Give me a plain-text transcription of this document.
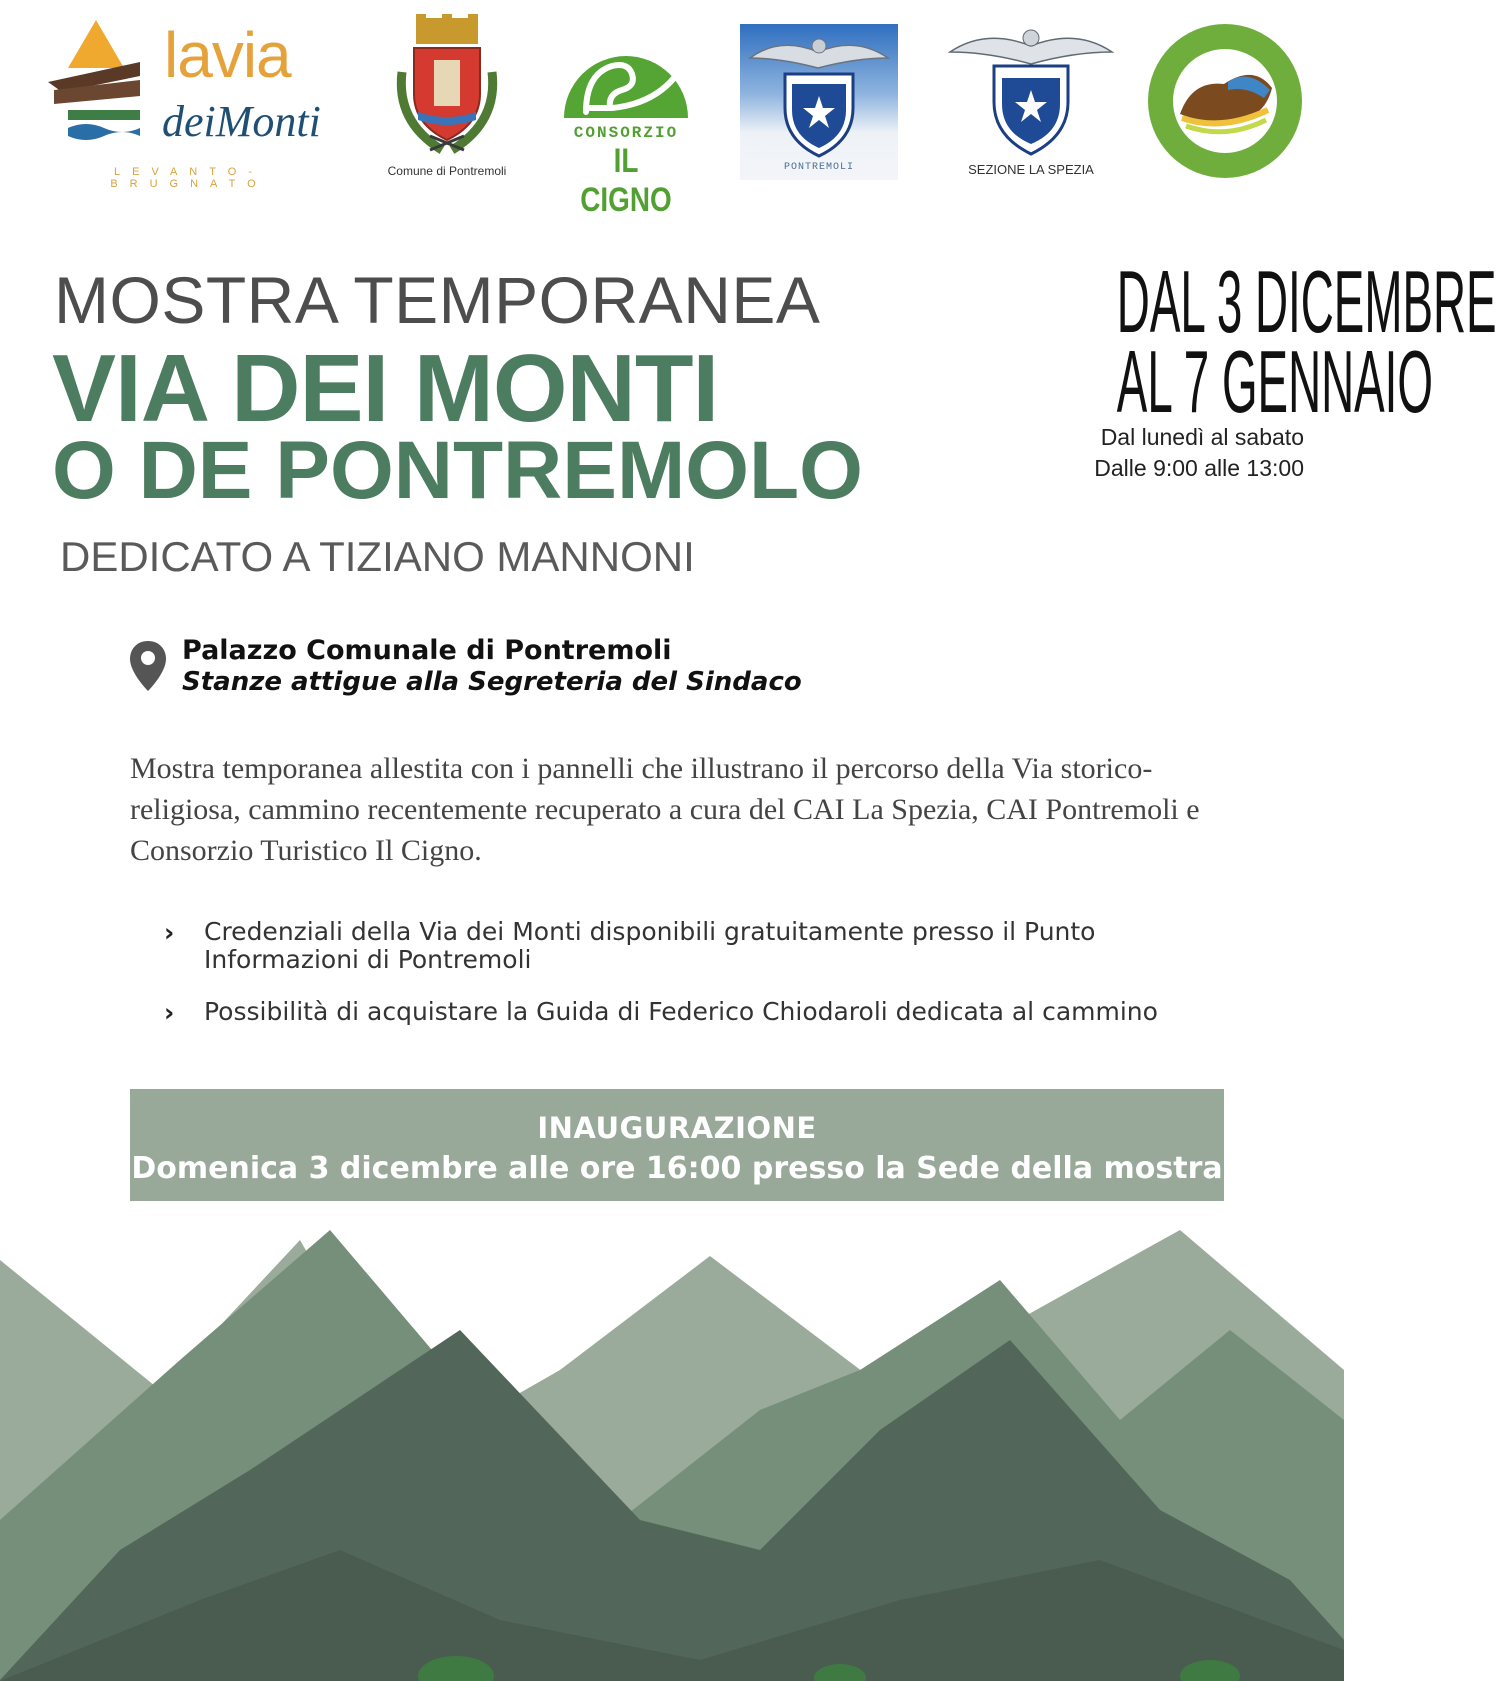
lavia
deiMonti
LEVANTO-BRUGNATO
Comune di Pontremoli
CONSORZIO
IL CIGNO
PONTREMOLI	SEZIONE LA SPEZIA
MOSTRA TEMPORANEA
VIA DEI MONTI
O DE PONTREMOLO
DEDICATO A TIZIANO MANNONI
DAL 3 DICEMBRE
AL 7 GENNAIO
Dal lunedì al sabato
Dalle 9:00 alle 13:00
Palazzo Comunale di Pontremoli
Stanze attigue alla Segreteria del Sindaco

Mostra temporanea allestita con i pannelli che illustrano il percorso della Via storico-religiosa, cammino recentemente recuperato a cura del CAI La Spezia, CAI Pontremoli e Consorzio Turistico Il Cigno.

› Credenziali della Via dei Monti disponibili gratuitamente presso il Punto Informazioni di Pontremoli
› Possibilità di acquistare la Guida di Federico Chiodaroli dedicata al cammino
INAUGURAZIONE
Domenica 3 dicembre alle ore 16:00 presso la Sede della mostra
